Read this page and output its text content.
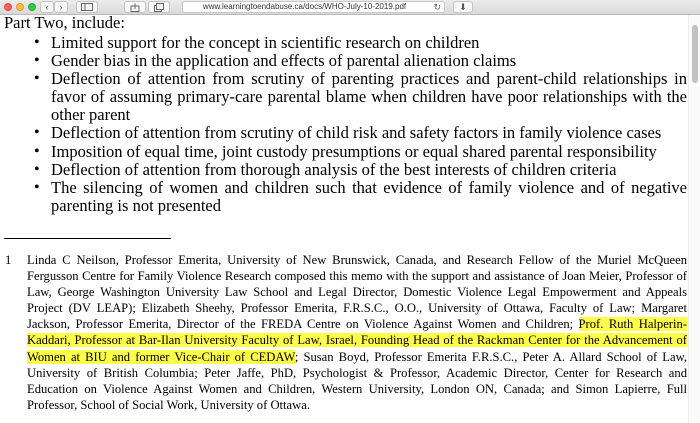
‹	›	www.learningtoendabuse.ca/docs/WHO-July-10-2019.pdf	↻	⬇
Part Two, include:
• Limited support for the concept in scientific research on children
• Gender bias in the application and effects of parental alienation claims
• Deflection of attention from scrutiny of parenting practices and parent-child relationships in favor of assuming primary-care parental blame when children have poor relationships with the other parent
• Deflection of attention from scrutiny of child risk and safety factors in family violence cases
• Imposition of equal time, joint custody presumptions or equal shared parental responsibility
• Deflection of attention from thorough analysis of the best interests of children criteria
• The silencing of women and children such that evidence of family violence and of negative parenting is not presented
1 Linda C Neilson, Professor Emerita, University of New Brunswick, Canada, and Research Fellow of the Muriel McQueen Fergusson Centre for Family Violence Research composed this memo with the support and assistance of Joan Meier, Professor of Law, George Washington University Law School and Legal Director, Domestic Violence Legal Empowerment and Appeals Project (DV LEAP); Elizabeth Sheehy, Professor Emerita, F.R.S.C., O.O., University of Ottawa, Faculty of Law; Margaret Jackson, Professor Emerita, Director of the FREDA Centre on Violence Against Women and Children; Prof. Ruth Halperin-Kaddari, Professor at Bar-Ilan University Faculty of Law, Israel, Founding Head of the Rackman Center for the Advancement of Women at BIU and former Vice-Chair of CEDAW; Susan Boyd, Professor Emerita F.R.S.C., Peter A. Allard School of Law, University of British Columbia; Peter Jaffe, PhD, Psychologist & Professor, Academic Director, Center for Research and Education on Violence Against Women and Children, Western University, London ON, Canada; and Simon Lapierre, Full Professor, School of Social Work, University of Ottawa.
